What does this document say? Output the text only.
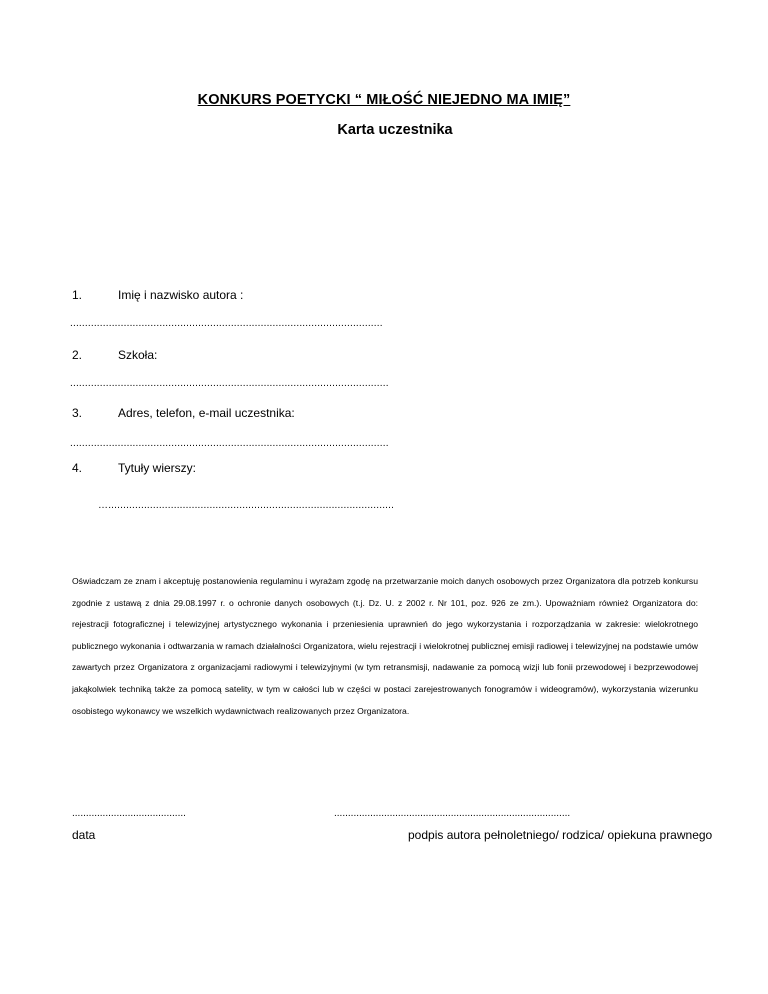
KONKURS POETYCKI “ MIŁOŚĆ NIEJEDNO MA IMIĘ”
Karta uczestnika
1.	Imię i nazwisko autora :
.........................................................................................................
2.	Szkoła:
...........................................................................................................
3.	Adres, telefon, e-mail uczestnika:
...........................................................................................................
4.	Tytuły wierszy:
…................................................................................................
Oświadczam ze znam i akceptuję postanowienia regulaminu i wyrażam zgodę na przetwarzanie moich danych osobowych przez Organizatora dla potrzeb konkursu zgodnie z ustawą z dnia 29.08.1997 r. o ochronie danych osobowych (t.j. Dz. U. z 2002 r. Nr 101, poz. 926 ze zm.). Upoważniam również Organizatora do: rejestracji fotograficznej i telewizyjnej artystycznego wykonania i przeniesienia uprawnień do jego wykorzystania i rozporządzania w zakresie: wielokrotnego publicznego wykonania i odtwarzania w ramach działalności Organizatora, wielu rejestracji i wielokrotnej publicznej emisji radiowej i telewizyjnej na podstawie umów zawartych przez Organizatora z organizacjami radiowymi i telewizyjnymi (w tym retransmisji, nadawanie za pomocą wizji lub fonii przewodowej i bezprzewodowej jakąkolwiek techniką także za pomocą satelity, w tym w całości lub w części w postaci zarejestrowanych fonogramów i wideogramów), wykorzystania wizerunku osobistego wykonawcy we wszelkich wydawnictwach realizowanych przez Organizatora.
.........................................
data
.....................................................................................
podpis autora pełnoletniego/ rodzica/ opiekuna prawnego
